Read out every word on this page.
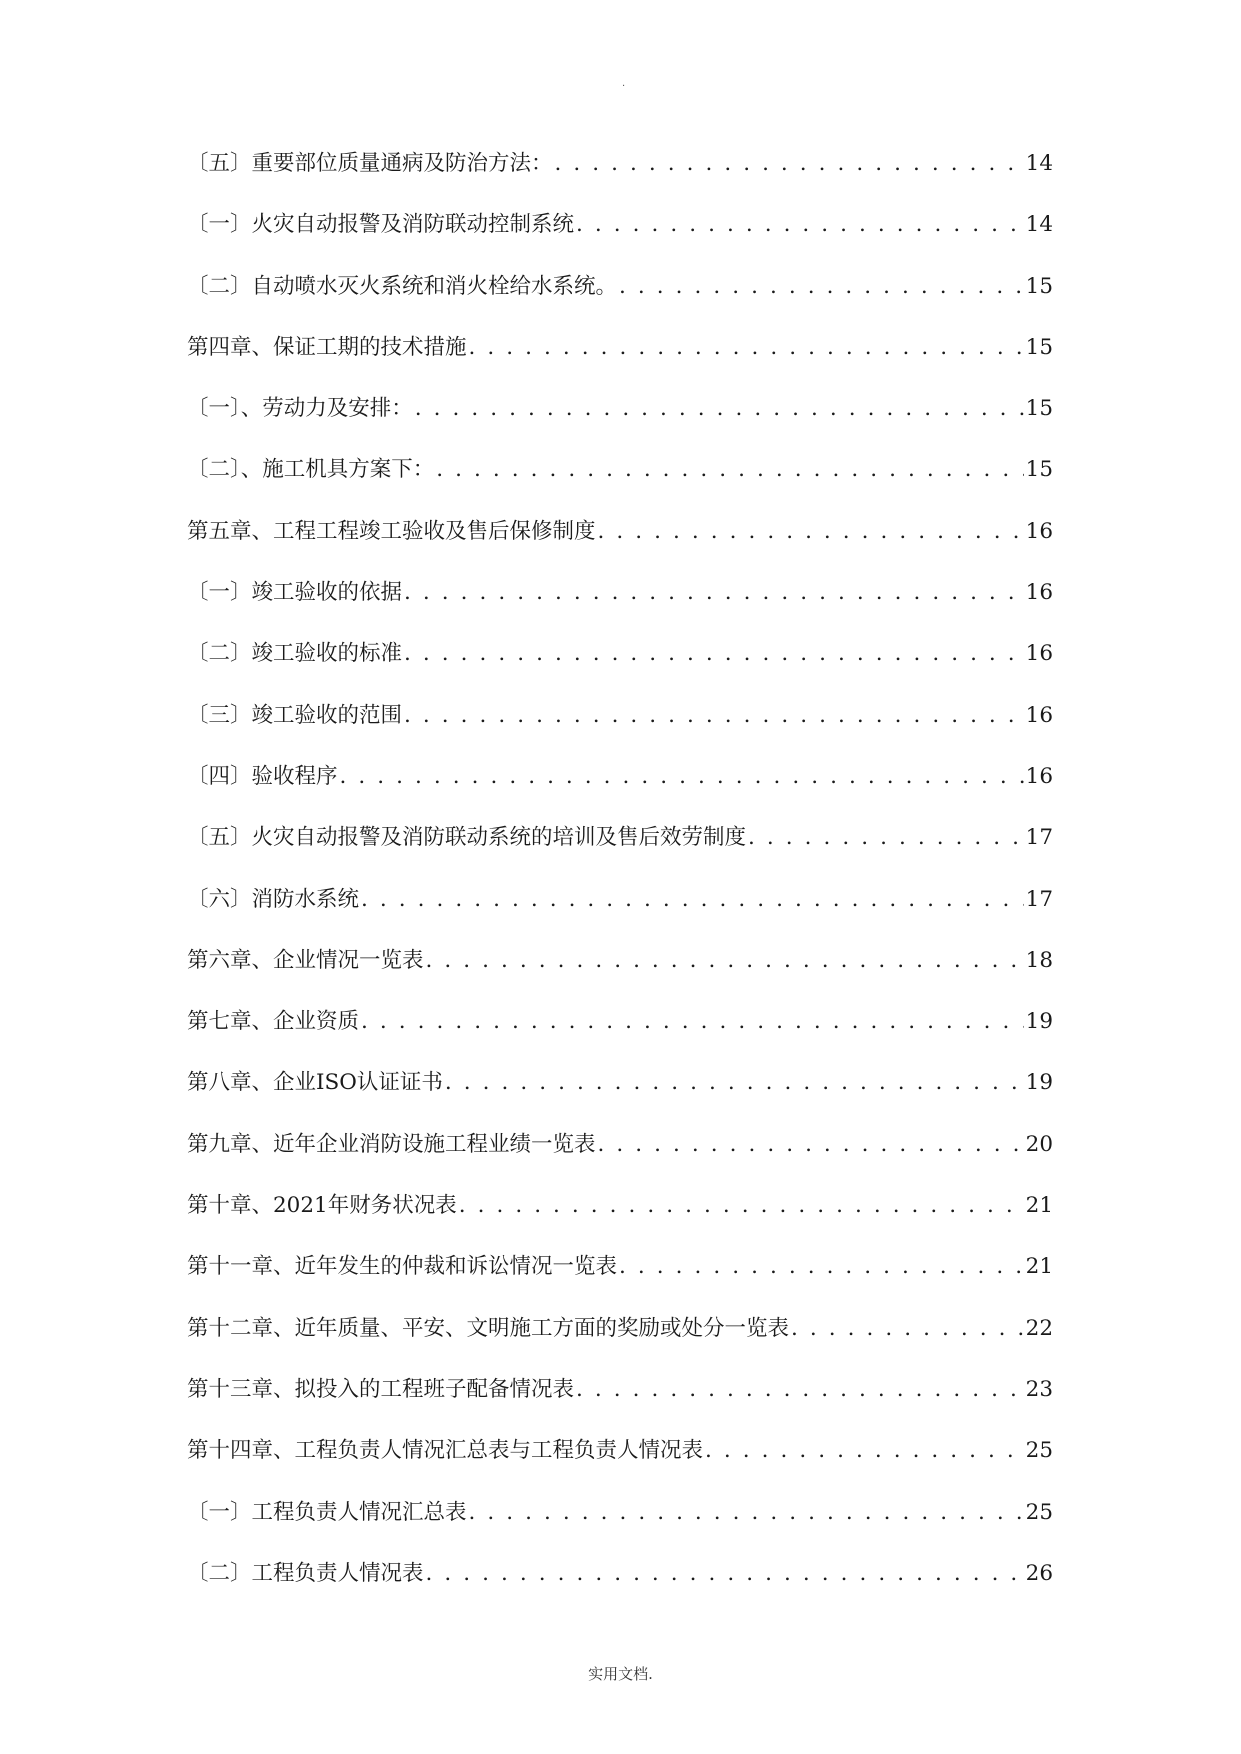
.
〔五〕重要部位质量通病及防治方法： . . .	14
〔一〕火灾自动报警及消防联动控制系统 . . .	14
〔二〕自动喷水灭火系统和消火栓给水系统。 . . .	15
第四章、保证工期的技术措施 . . .	15
〔一〕、劳动力及安排： . . .	15
〔二〕、施工机具方案下： . . .	15
第五章、工程工程竣工验收及售后保修制度 . . .	16
〔一〕竣工验收的依据 . . .	16
〔二〕竣工验收的标准 . . .	16
〔三〕竣工验收的范围 . . .	16
〔四〕验收程序 . . .	16
〔五〕火灾自动报警及消防联动系统的培训及售后效劳制度 . . .	17
〔六〕消防水系统 . . .	17
第六章、企业情况一览表 . . .	18
第七章、企业资质 . . .	19
第八章、企业ISO认证证书 . . .	19
第九章、近年企业消防设施工程业绩一览表 . . .	20
第十章、2021年财务状况表 . . .	21
第十一章、近年发生的仲裁和诉讼情况一览表 . . .	21
第十二章、近年质量、平安、文明施工方面的奖励或处分一览表 . . .	22
第十三章、拟投入的工程班子配备情况表 . . .	23
第十四章、工程负责人情况汇总表与工程负责人情况表 . . .	25
〔一〕工程负责人情况汇总表 . . .	25
〔二〕工程负责人情况表 . . .	26
实用文档.
